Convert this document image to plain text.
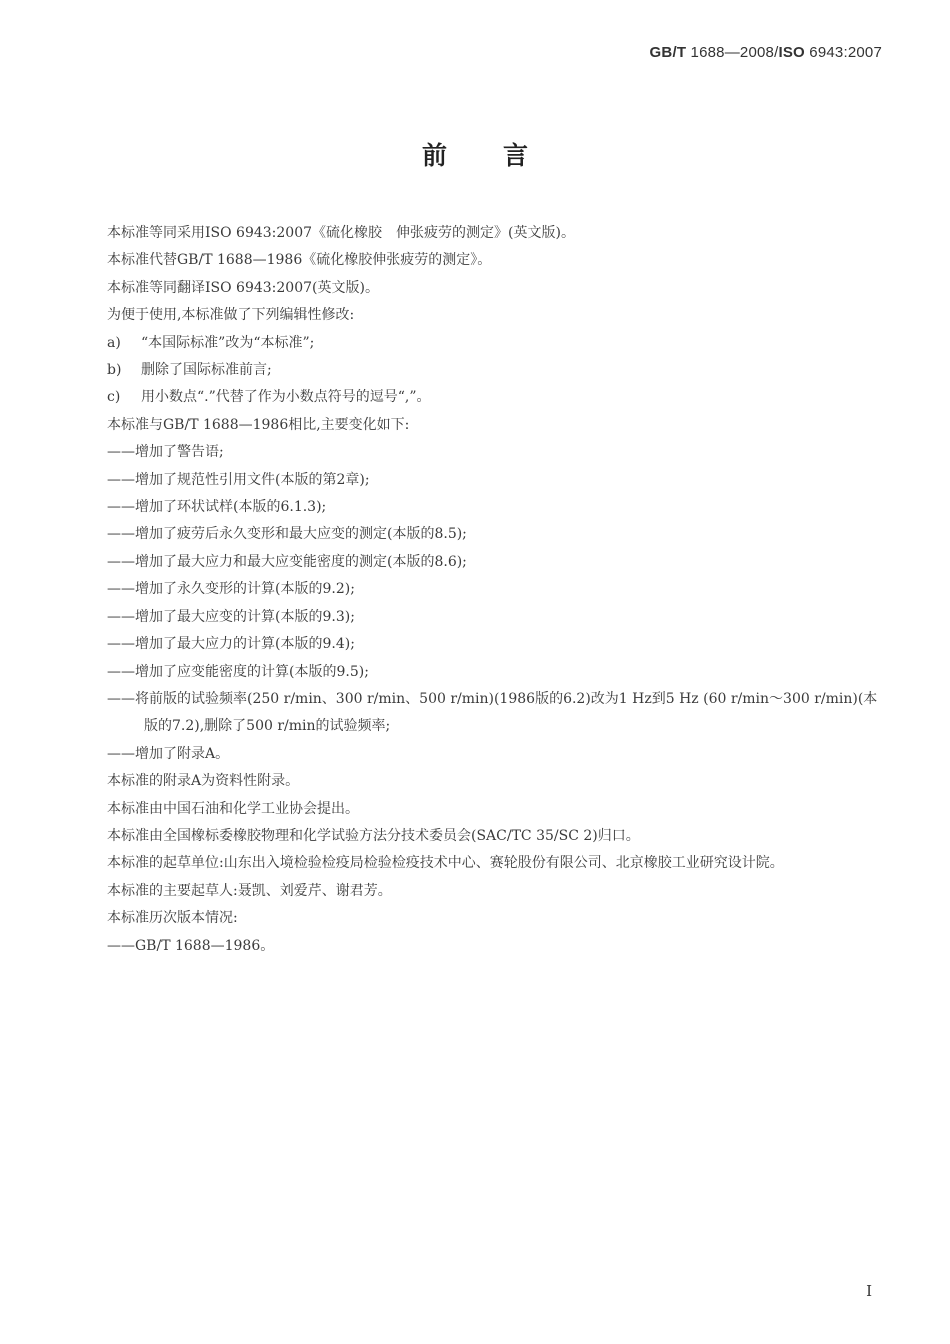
GB/T 1688—2008/ISO 6943:2007
前 言

本标准等同采用ISO 6943:2007《硫化橡胶　伸张疲劳的测定》(英文版)。

本标准代替GB/T 1688—1986《硫化橡胶伸张疲劳的测定》。

本标准等同翻译ISO 6943:2007(英文版)。

为便于使用,本标准做了下列编辑性修改:

a) “本国际标准”改为“本标准”;

b) 删除了国际标准前言;

c) 用小数点“.”代替了作为小数点符号的逗号“,”。

本标准与GB/T 1688—1986相比,主要变化如下:

——增加了警告语;

——增加了规范性引用文件(本版的第2章);

——增加了环状试样(本版的6.1.3);

——增加了疲劳后永久变形和最大应变的测定(本版的8.5);

——增加了最大应力和最大应变能密度的测定(本版的8.6);

——增加了永久变形的计算(本版的9.2);

——增加了最大应变的计算(本版的9.3);

——增加了最大应力的计算(本版的9.4);

——增加了应变能密度的计算(本版的9.5);

——将前版的试验频率(250 r/min、300 r/min、500 r/min)(1986版的6.2)改为1 Hz到5 Hz (60 r/min～300 r/min)(本版的7.2),删除了500 r/min的试验频率;

——增加了附录A。

本标准的附录A为资料性附录。

本标准由中国石油和化学工业协会提出。

本标准由全国橡标委橡胶物理和化学试验方法分技术委员会(SAC/TC 35/SC 2)归口。

本标准的起草单位:山东出入境检验检疫局检验检疫技术中心、赛轮股份有限公司、北京橡胶工业研究设计院。

本标准的主要起草人:聂凯、刘爱芹、谢君芳。

本标准历次版本情况:

——GB/T 1688—1986。

I
